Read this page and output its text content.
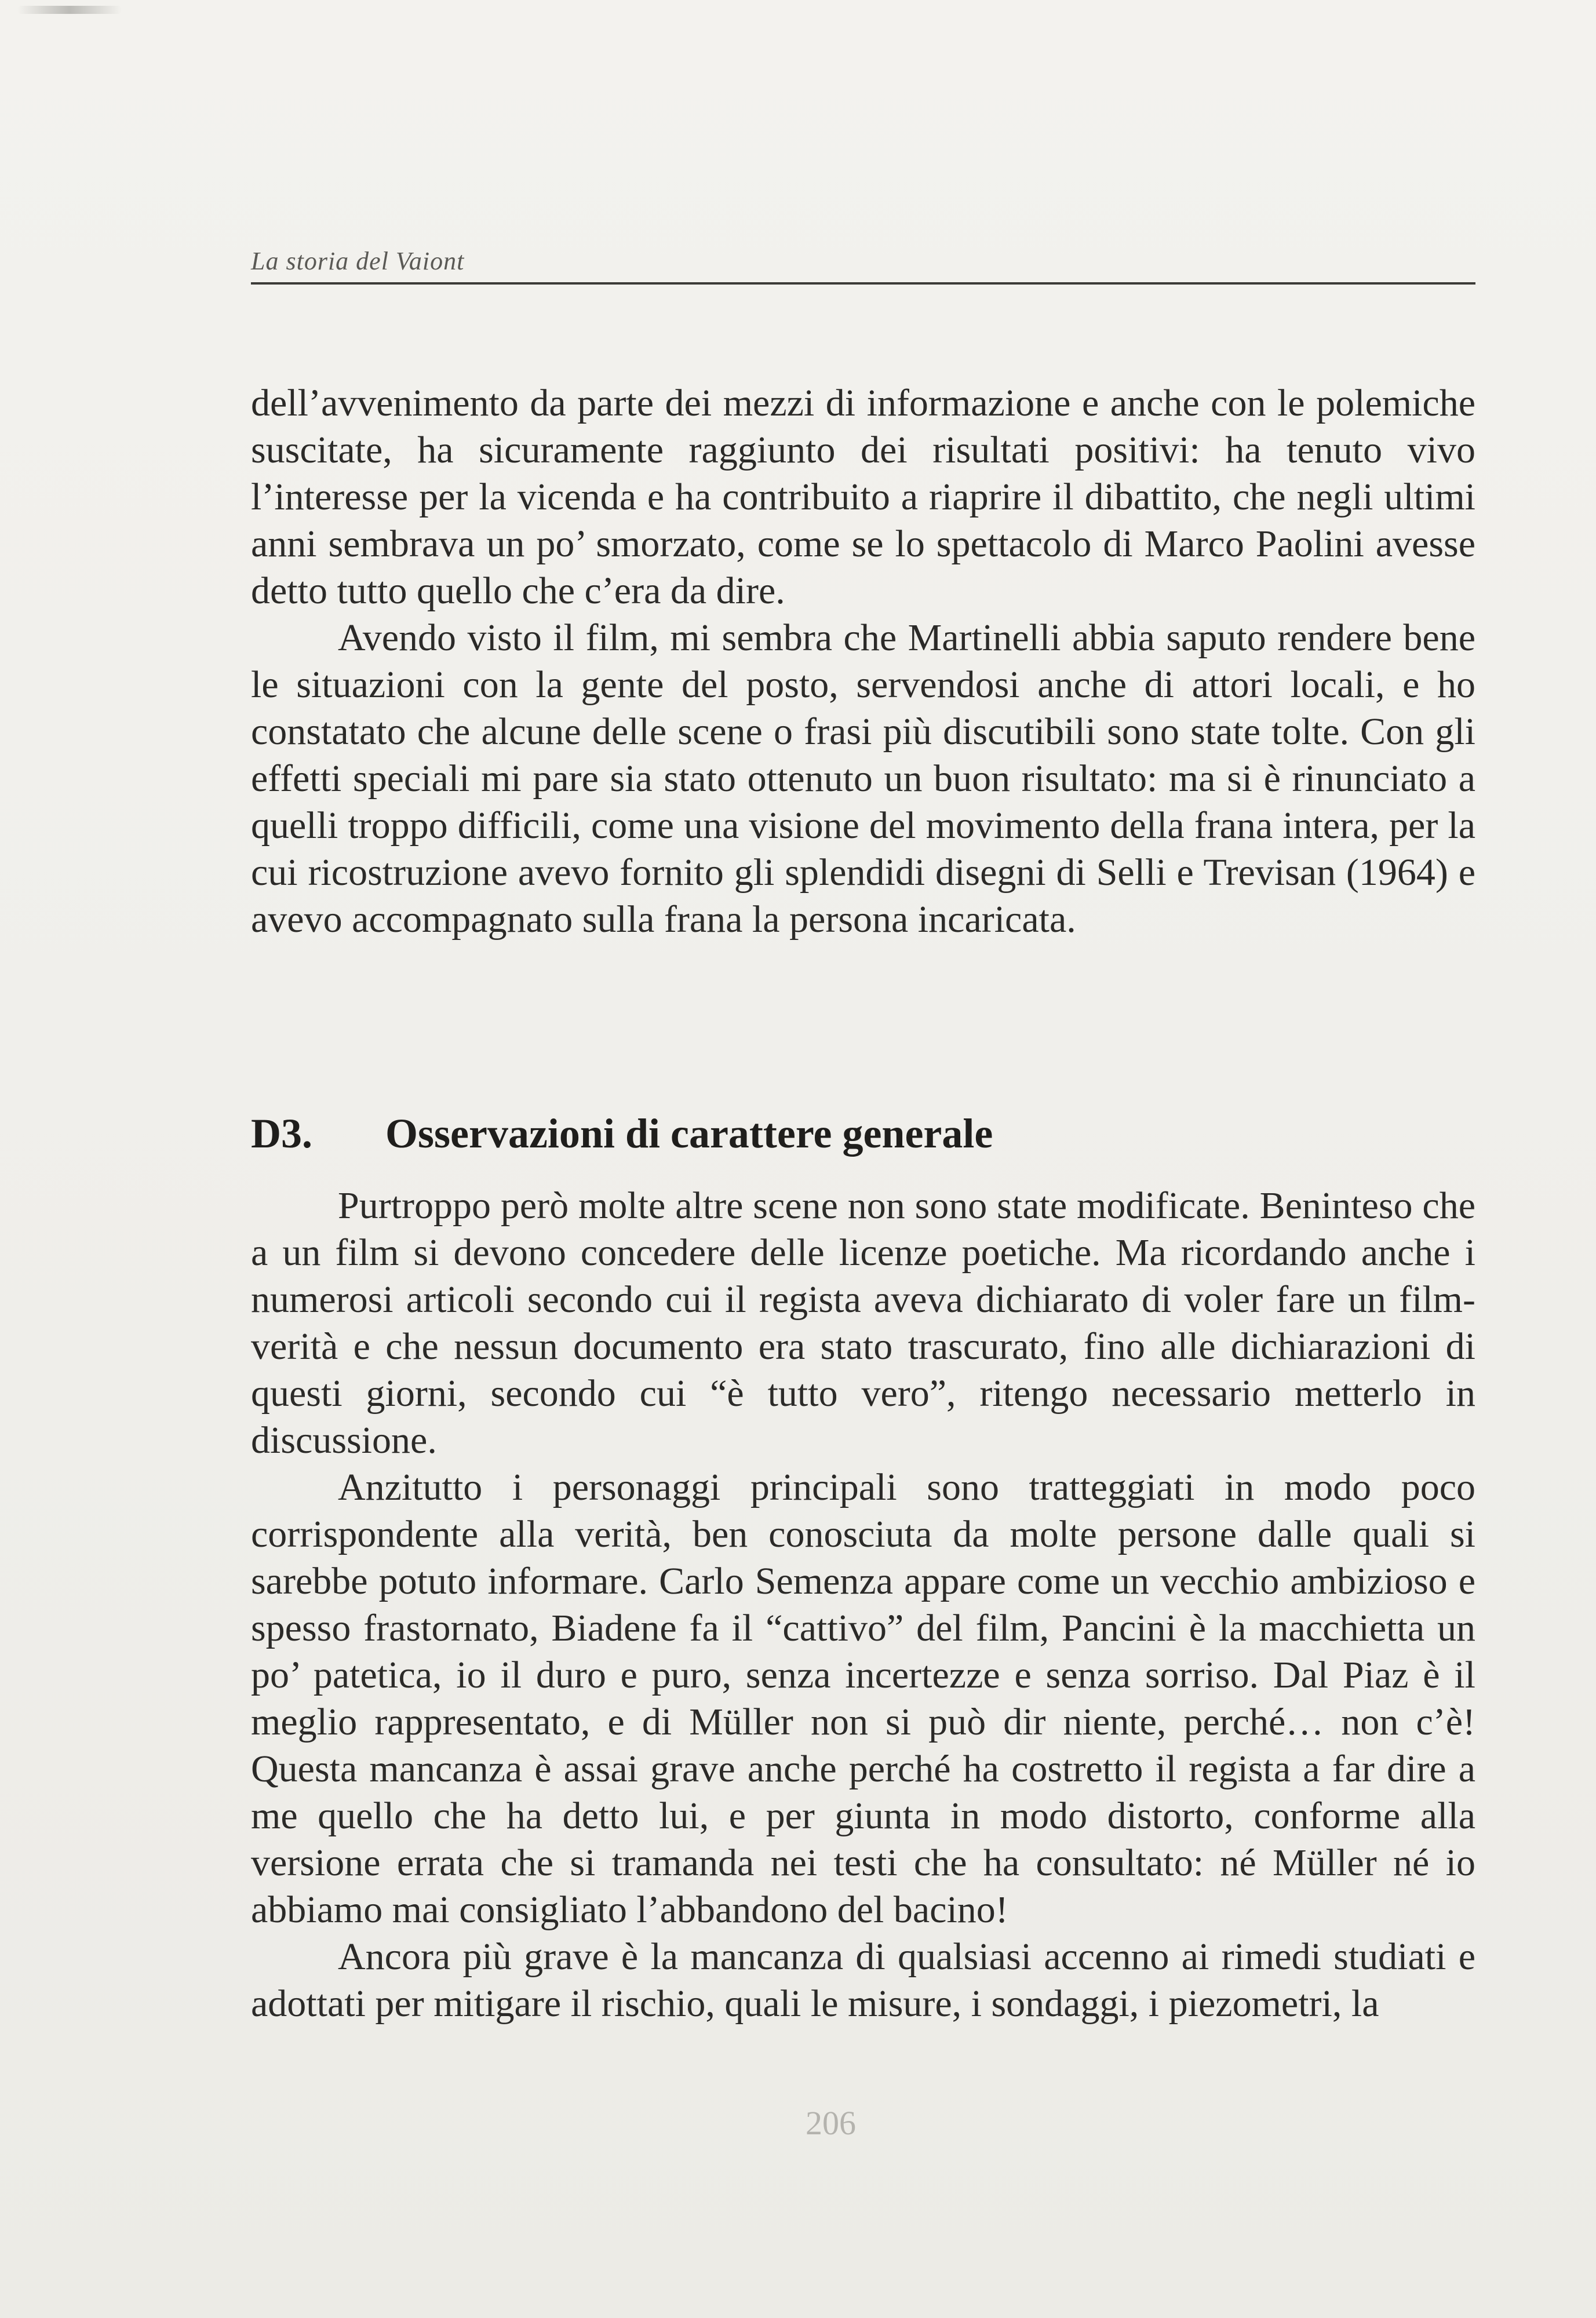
La storia del Vaiont

dell’avvenimento da parte dei mezzi di informazione e anche con le polemiche suscitate, ha sicuramente raggiunto dei risultati positivi: ha tenuto vivo l’interesse per la vicenda e ha contribuito a riaprire il dibattito, che negli ultimi anni sembrava un po’ smorzato, come se lo spettacolo di Marco Paolini avesse detto tutto quello che c’era da dire.

Avendo visto il film, mi sembra che Martinelli abbia saputo rendere bene le situazioni con la gente del posto, servendosi anche di attori locali, e ho constatato che alcune delle scene o frasi più discutibili sono state tolte. Con gli effetti speciali mi pare sia stato ottenuto un buon risultato: ma si è rinunciato a quelli troppo difficili, come una visione del movimento della frana intera, per la cui ricostruzione avevo fornito gli splendidi disegni di Selli e Trevisan (1964) e avevo accompagnato sulla frana la persona incaricata.

D3. Osservazioni di carattere generale

Purtroppo però molte altre scene non sono state modificate. Beninteso che a un film si devono concedere delle licenze poetiche. Ma ricordando anche i numerosi articoli secondo cui il regista aveva dichiarato di voler fare un film-verità e che nessun documento era stato trascurato, fino alle dichiarazioni di questi giorni, secondo cui “è tutto vero”, ritengo necessario metterlo in discussione.

Anzitutto i personaggi principali sono tratteggiati in modo poco corrispondente alla verità, ben conosciuta da molte persone dalle quali si sarebbe potuto informare. Carlo Semenza appare come un vecchio ambizioso e spesso frastornato, Biadene fa il “cattivo” del film, Pancini è la macchietta un po’ patetica, io il duro e puro, senza incertezze e senza sorriso. Dal Piaz è il meglio rappresentato, e di Müller non si può dir niente, perché… non c’è! Questa mancanza è assai grave anche perché ha costretto il regista a far dire a me quello che ha detto lui, e per giunta in modo distorto, conforme alla versione errata che si tramanda nei testi che ha consultato: né Müller né io abbiamo mai consigliato l’abbandono del bacino!

Ancora più grave è la mancanza di qualsiasi accenno ai rimedi studiati e adottati per mitigare il rischio, quali le misure, i sondaggi, i piezometri, la

206
